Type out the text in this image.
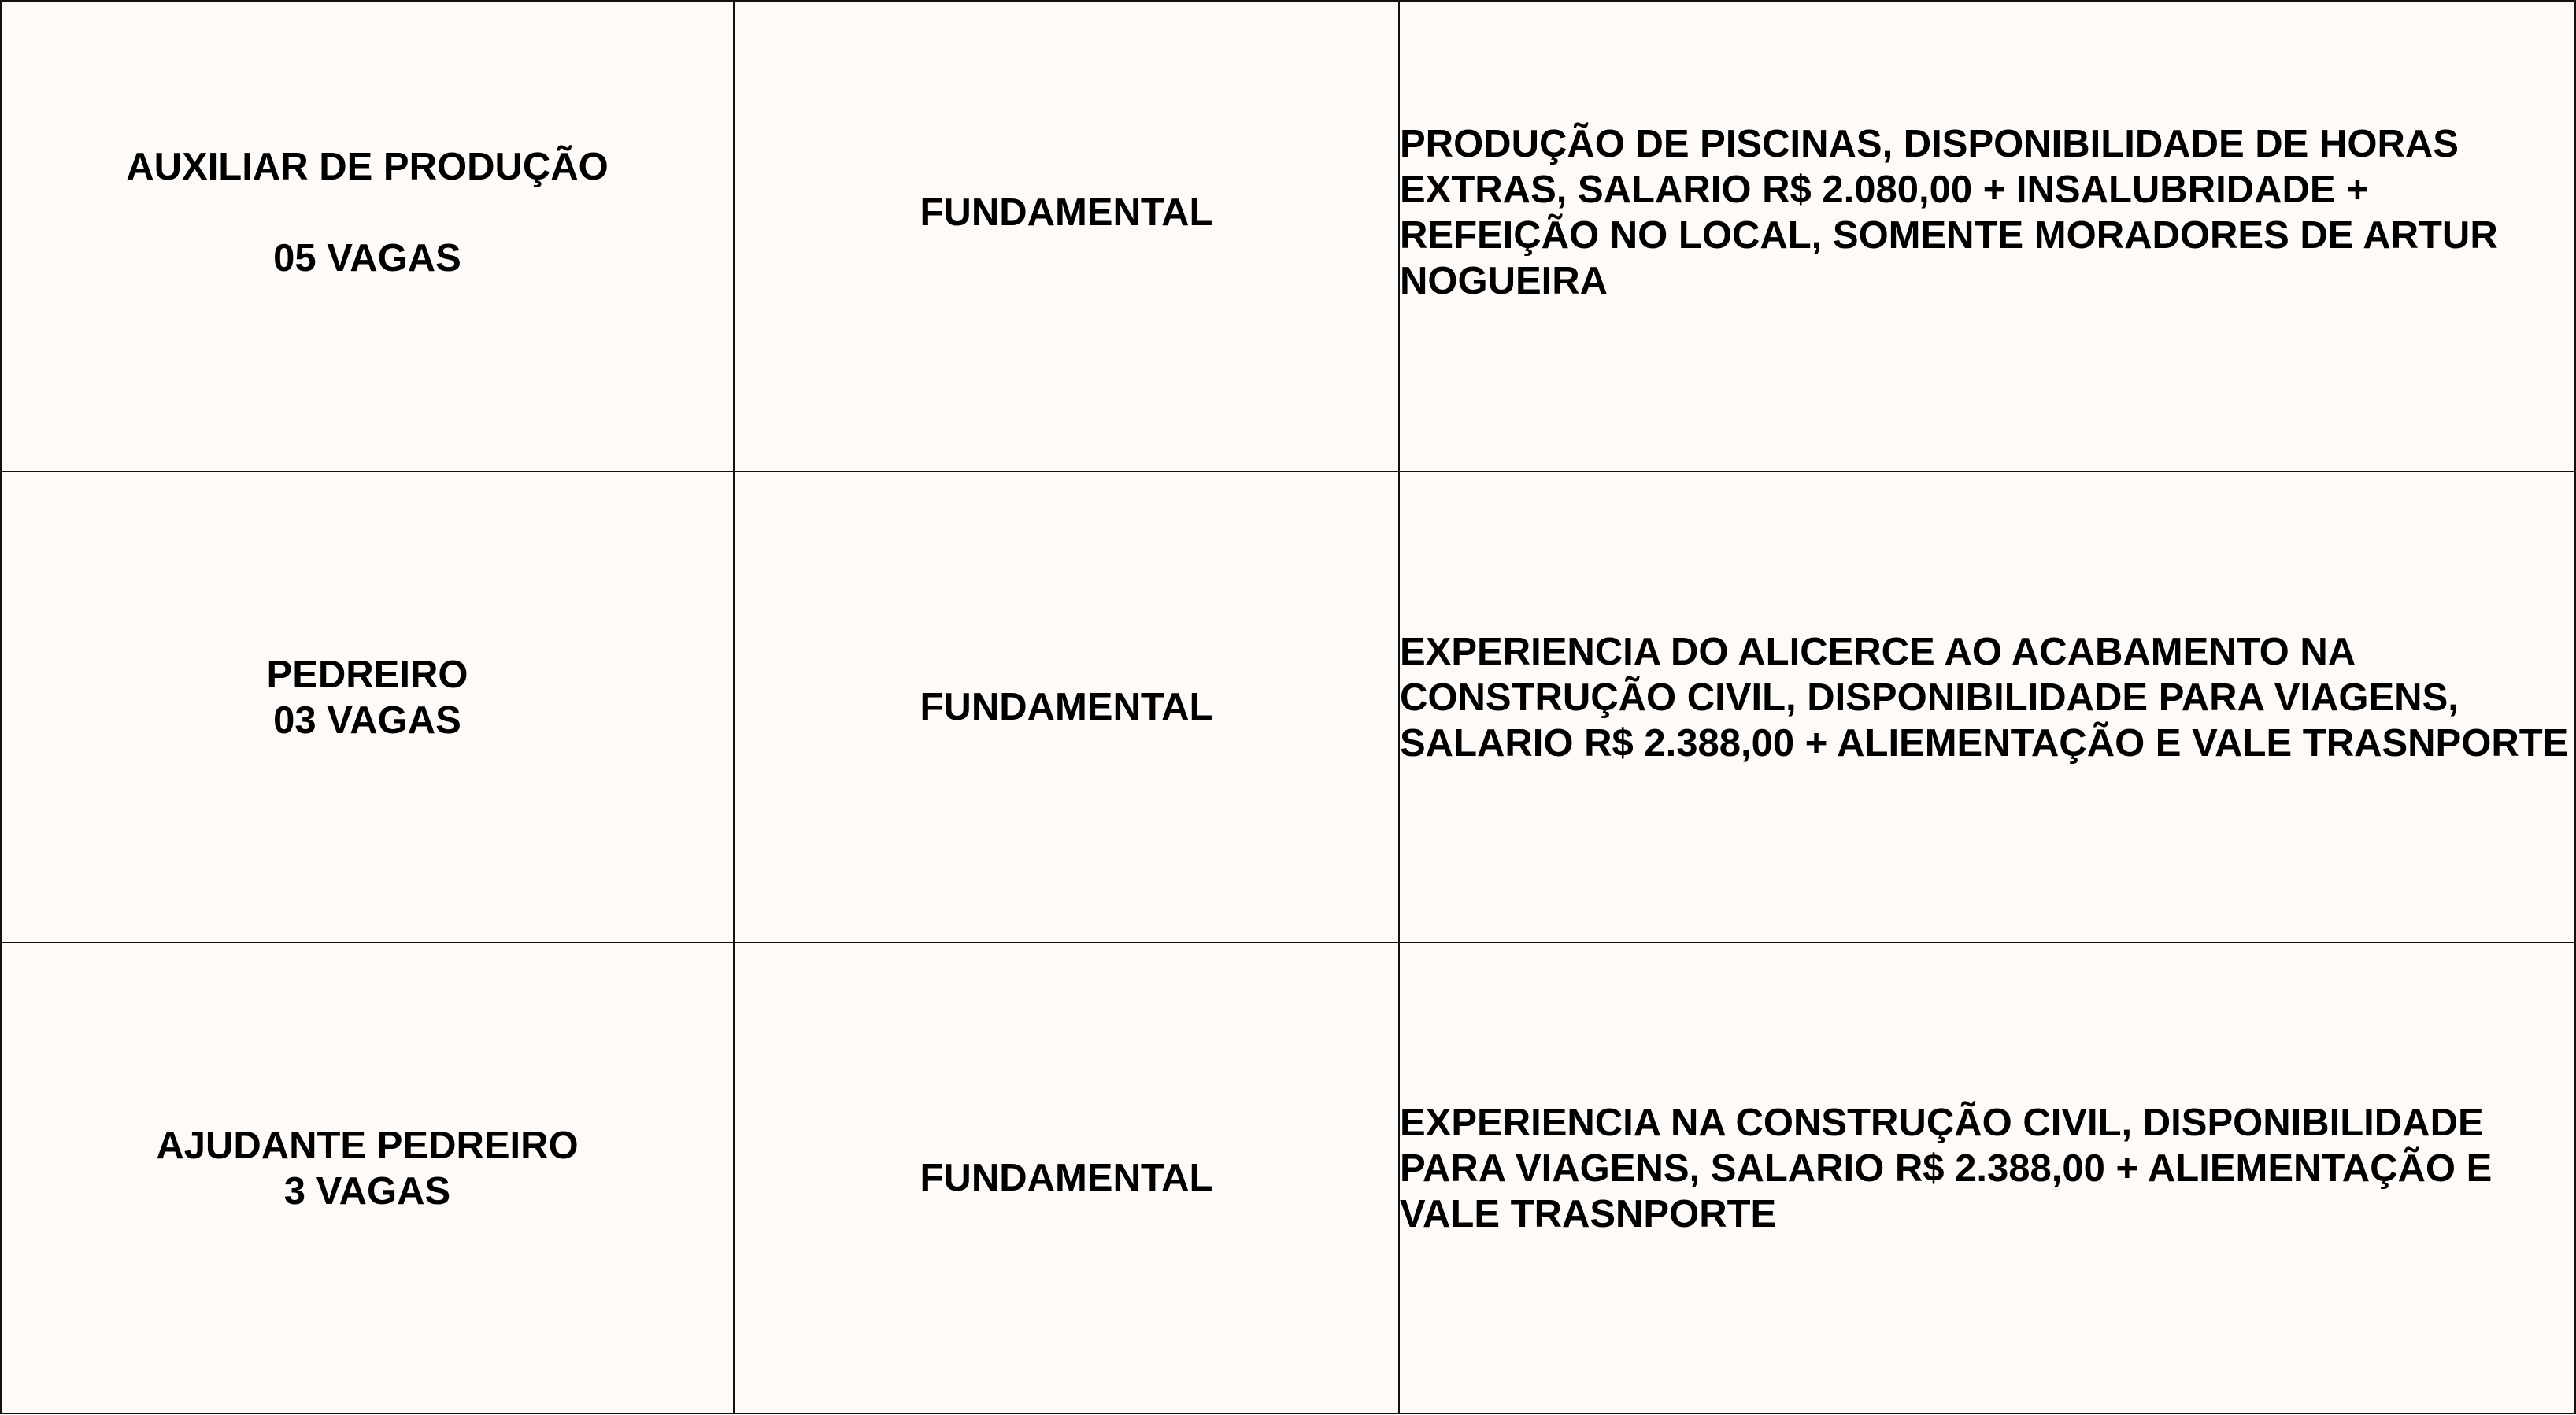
AUXILIAR DE PRODUÇÃO
05 VAGAS	FUNDAMENTAL	PRODUÇÃO DE PISCINAS, DISPONIBILIDADE DE HORAS EXTRAS, SALARIO R$ 2.080,00 + INSALUBRIDADE + REFEIÇÃO NO LOCAL, SOMENTE MORADORES DE ARTUR NOGUEIRA

PEDREIRO
03 VAGAS	FUNDAMENTAL	EXPERIENCIA DO ALICERCE AO ACABAMENTO NA CONSTRUÇÃO CIVIL, DISPONIBILIDADE PARA VIAGENS, SALARIO R$ 2.388,00 + ALIEMENTAÇÃO E VALE TRASNPORTE

AJUDANTE PEDREIRO
3 VAGAS	FUNDAMENTAL	EXPERIENCIA NA CONSTRUÇÃO CIVIL, DISPONIBILIDADE PARA VIAGENS, SALARIO R$ 2.388,00 + ALIEMENTAÇÃO E VALE TRASNPORTE
